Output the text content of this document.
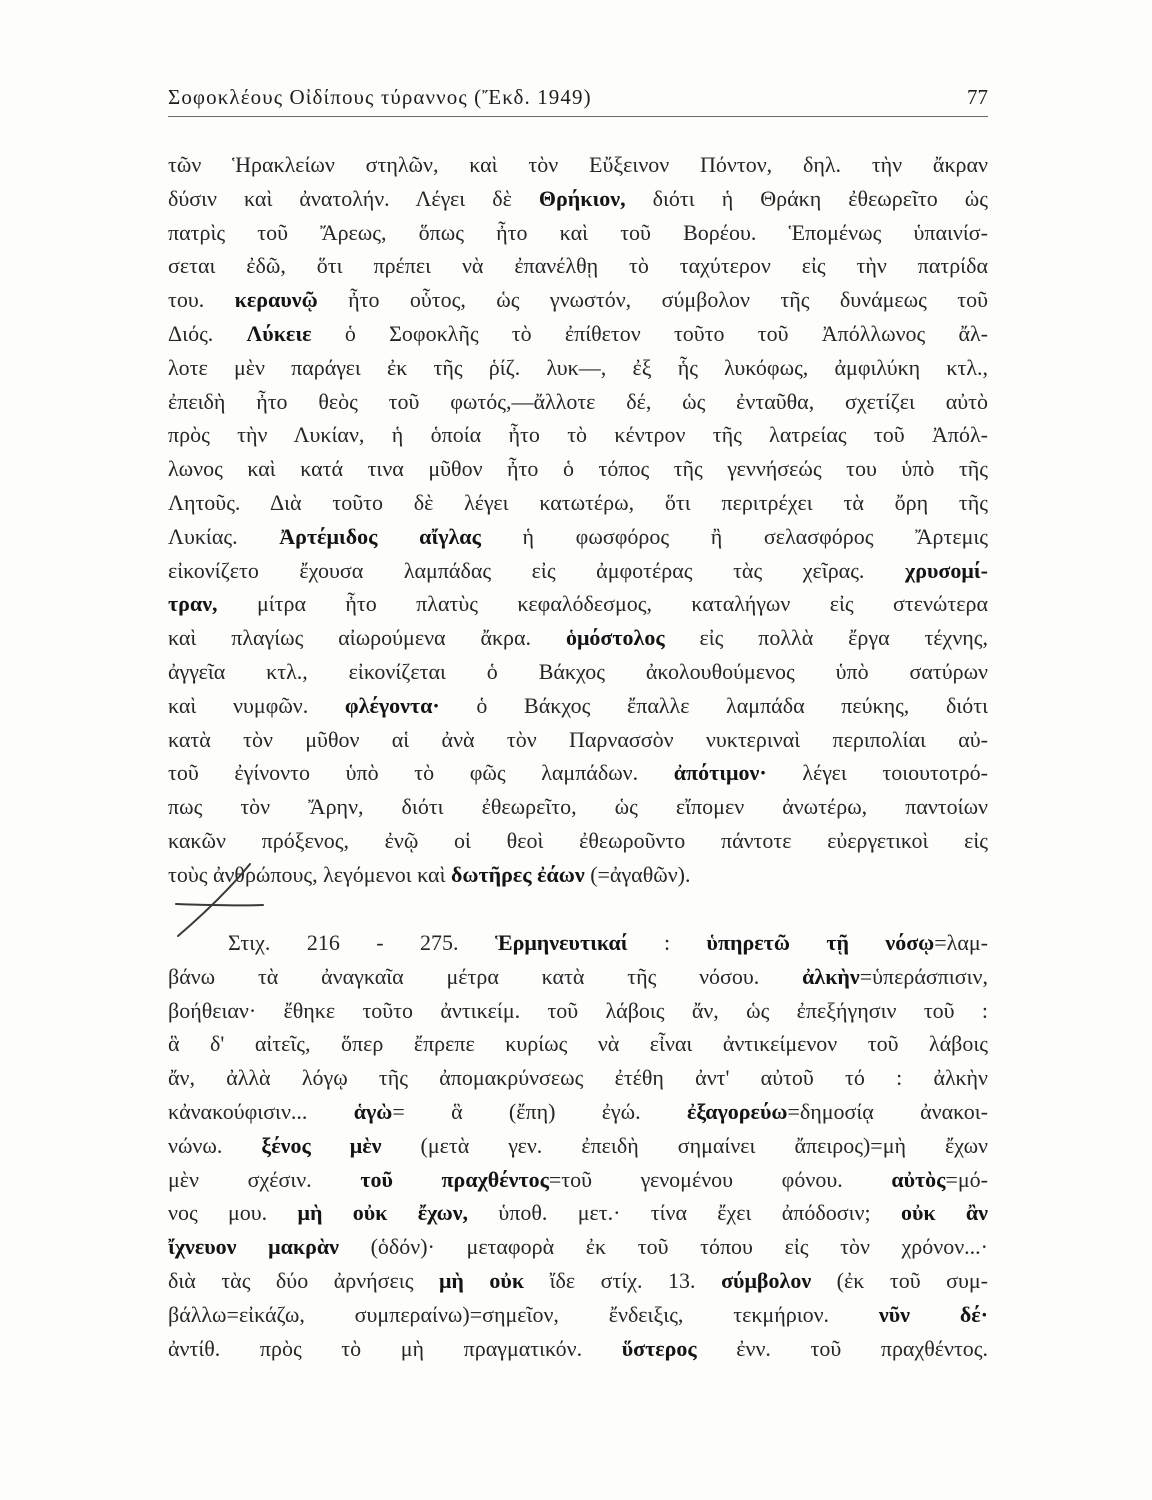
Σοφοκλέους Οἰδίπους τύραννος (Ἔκδ. 1949)	77
τῶν Ἡρακλείων στηλῶν, καὶ τὸν Εὔξεινον Πόντον, δηλ. τὴν ἄκραν
δύσιν καὶ ἀνατολήν. Λέγει δὲ Θρήκιον, διότι ἡ Θράκη ἐθεωρεῖτο ὡς
πατρὶς τοῦ Ἄρεως, ὅπως ἦτο καὶ τοῦ Βορέου. Ἑπομένως ὑπαινίσ-
σεται ἐδῶ, ὅτι πρέπει νὰ ἐπανέλθῃ τὸ ταχύτερον εἰς τὴν πατρίδα
του. κεραυνῷ ἦτο οὗτος, ὡς γνωστόν, σύμβολον τῆς δυνάμεως τοῦ
Διός. Λύκειε ὁ Σοφοκλῆς τὸ ἐπίθετον τοῦτο τοῦ Ἀπόλλωνος ἄλ-
λοτε μὲν παράγει ἐκ τῆς ῥίζ. λυκ—, ἐξ ἧς λυκόφως, ἀμφιλύκη κτλ.,
ἐπειδὴ ἦτο θεὸς τοῦ φωτός,—ἄλλοτε δέ, ὡς ἐνταῦθα, σχετίζει αὐτὸ
πρὸς τὴν Λυκίαν, ἡ ὁποία ἦτο τὸ κέντρον τῆς λατρείας τοῦ Ἀπόλ-
λωνος καὶ κατά τινα μῦθον ἦτο ὁ τόπος τῆς γεννήσεώς του ὑπὸ τῆς
Λητοῦς. Διὰ τοῦτο δὲ λέγει κατωτέρω, ὅτι περιτρέχει τὰ ὄρη τῆς
Λυκίας. Ἀρτέμιδος αἴγλας ἡ φωσφόρος ἢ σελασφόρος Ἄρτεμις
εἰκονίζετο ἔχουσα λαμπάδας εἰς ἀμφοτέρας τὰς χεῖρας. χρυσομί-
τραν, μίτρα ἦτο πλατὺς κεφαλόδεσμος, καταλήγων εἰς στενώτερα
καὶ πλαγίως αἰωρούμενα ἄκρα. ὁμόστολος εἰς πολλὰ ἔργα τέχνης,
ἀγγεῖα κτλ., εἰκονίζεται ὁ Βάκχος ἀκολουθούμενος ὑπὸ σατύρων
καὶ νυμφῶν. φλέγοντα· ὁ Βάκχος ἔπαλλε λαμπάδα πεύκης, διότι
κατὰ τὸν μῦθον αἱ ἀνὰ τὸν Παρνασσὸν νυκτεριναὶ περιπολίαι αὐ-
τοῦ ἐγίνοντο ὑπὸ τὸ φῶς λαμπάδων. ἀπότιμον· λέγει τοιουτοτρό-
πως τὸν Ἄρην, διότι ἐθεωρεῖτο, ὡς εἴπομεν ἀνωτέρω, παντοίων
κακῶν πρόξενος, ἐνῷ οἱ θεοὶ ἐθεωροῦντο πάντοτε εὐεργετικοὶ εἰς
τοὺς ἀνθρώπους, λεγόμενοι καὶ δωτῆρες ἐάων (=ἀγαθῶν).
Στιχ. 216 - 275. Ἑρμηνευτικαί : ὑπηρετῶ τῇ νόσῳ=λαμ-
βάνω τὰ ἀναγκαῖα μέτρα κατὰ τῆς νόσου. ἀλκὴν=ὑπεράσπισιν,
βοήθειαν· ἔθηκε τοῦτο ἀντικείμ. τοῦ λάβοις ἄν, ὡς ἐπεξήγησιν τοῦ :
ἃ δ' αἰτεῖς, ὅπερ ἔπρεπε κυρίως νὰ εἶναι ἀντικείμενον τοῦ λάβοις
ἄν, ἀλλὰ λόγῳ τῆς ἀπομακρύνσεως ἐτέθη ἀντ' αὐτοῦ τό : ἀλκὴν
κἀνακούφισιν... ἁγὼ= ἃ (ἔπη) ἐγώ. ἐξαγορεύω=δημοσίᾳ ἀνακοι-
νώνω. ξένος μὲν (μετὰ γεν. ἐπειδὴ σημαίνει ἄπειρος)=μὴ ἔχων
μὲν σχέσιν. τοῦ πραχθέντος=τοῦ γενομένου φόνου. αὐτὸς=μό-
νος μου. μὴ οὐκ ἔχων, ὑποθ. μετ.· τίνα ἔχει ἀπόδοσιν; οὐκ ἂν
ἴχνευον μακρὰν (ὁδόν)· μεταφορὰ ἐκ τοῦ τόπου εἰς τὸν χρόνον...·
διὰ τὰς δύο ἀρνήσεις μὴ οὐκ ἴδε στίχ. 13. σύμβολον (ἐκ τοῦ συμ-
βάλλω=εἰκάζω, συμπεραίνω)=σημεῖον, ἔνδειξις, τεκμήριον. νῦν δέ·
ἀντίθ. πρὸς τὸ μὴ πραγματικόν. ὕστερος ἐνν. τοῦ πραχθέντος.
